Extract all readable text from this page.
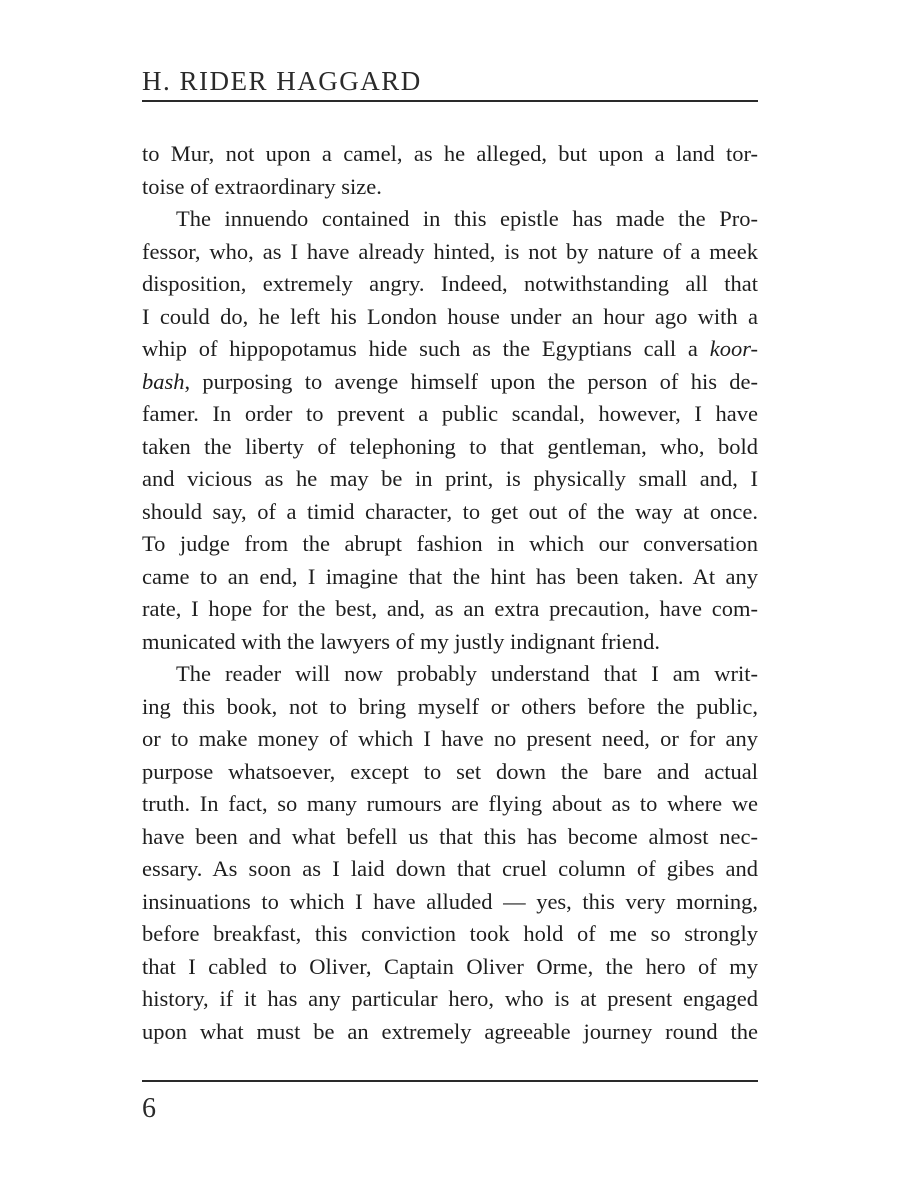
H. RIDER HAGGARD
to Mur, not upon a camel, as he alleged, but upon a land tor-
toise of extraordinary size.
The innuendo contained in this epistle has made the Pro-
fessor, who, as I have already hinted, is not by nature of a meek
disposition, extremely angry. Indeed, notwithstanding all that
I could do, he left his London house under an hour ago with a
whip of hippopotamus hide such as the Egyptians call a koor-
bash, purposing to avenge himself upon the person of his de-
famer. In order to prevent a public scandal, however, I have
taken the liberty of telephoning to that gentleman, who, bold
and vicious as he may be in print, is physically small and, I
should say, of a timid character, to get out of the way at once.
To judge from the abrupt fashion in which our conversation
came to an end, I imagine that the hint has been taken. At any
rate, I hope for the best, and, as an extra precaution, have com-
municated with the lawyers of my justly indignant friend.
The reader will now probably understand that I am writ-
ing this book, not to bring myself or others before the public,
or to make money of which I have no present need, or for any
purpose whatsoever, except to set down the bare and actual
truth. In fact, so many rumours are flying about as to where we
have been and what befell us that this has become almost nec-
essary. As soon as I laid down that cruel column of gibes and
insinuations to which I have alluded — yes, this very morning,
before breakfast, this conviction took hold of me so strongly
that I cabled to Oliver, Captain Oliver Orme, the hero of my
history, if it has any particular hero, who is at present engaged
upon what must be an extremely agreeable journey round the
6
